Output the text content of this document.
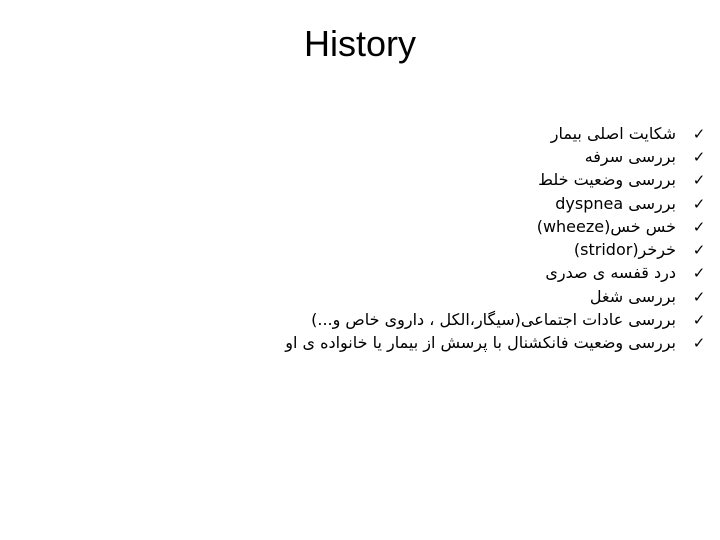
History
✓
شکایت اصلی بیمار
✓
بررسی سرفه
✓
بررسی وضعیت خلط
✓
بررسی dyspnea
✓
خس خس(wheeze)
✓
خرخر(stridor)
✓
درد قفسه ی صدری
✓
بررسی شغل
✓
بررسی عادات اجتماعی(سیگار،الکل ، داروی خاص و...)
✓
بررسی وضعیت فانکشنال با پرسش از بیمار یا خانواده ی او
